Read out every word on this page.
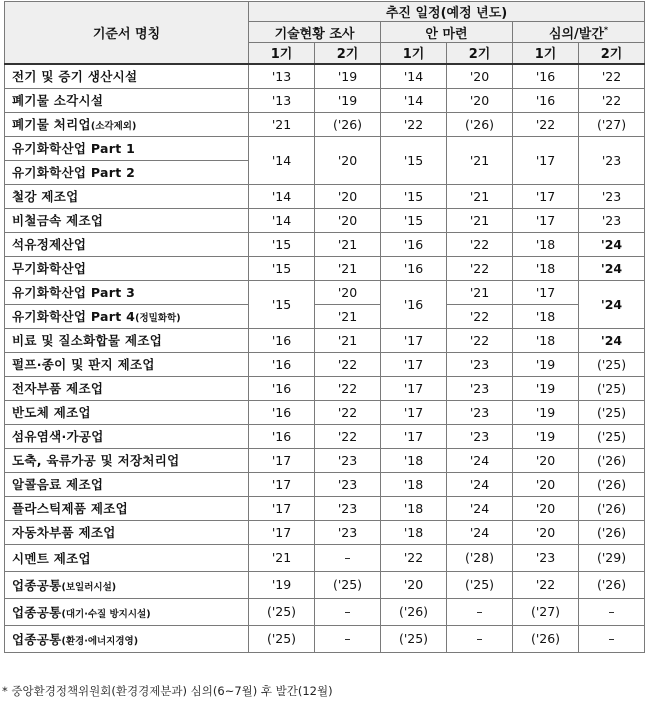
기준서 명칭	추진 일정(예정 년도)					
	기술현황 조사		안 마련		심의/발간*
	1기	2기	1기	2기	1기	2기
전기 및 증기 생산시설	'13	'19	'14	'20	'16	'22
폐기물 소각시설	'13	'19	'14	'20	'16	'22
폐기물 처리업(소각제외)	'21	('26)	'22	('26)	'22	('27)
유기화학산업 Part 1	'14	'20	'15	'21	'17	'23
유기화학산업 Part 2						
철강 제조업	'14	'20	'15	'21	'17	'23
비철금속 제조업	'14	'20	'15	'21	'17	'23
석유정제산업	'15	'21	'16	'22	'18	'24
무기화학산업	'15	'21	'16	'22	'18	'24
유기화학산업 Part 3	'15	'20	'16	'21	'17	'24
유기화학산업 Part 4(정밀화학)		'21		'22	'18	
비료 및 질소화합물 제조업	'16	'21	'17	'22	'18	'24
펄프·종이 및 판지 제조업	'16	'22	'17	'23	'19	('25)
전자부품 제조업	'16	'22	'17	'23	'19	('25)
반도체 제조업	'16	'22	'17	'23	'19	('25)
섬유염색·가공업	'16	'22	'17	'23	'19	('25)
도축, 육류가공 및 저장처리업	'17	'23	'18	'24	'20	('26)
알콜음료 제조업	'17	'23	'18	'24	'20	('26)
플라스틱제품 제조업	'17	'23	'18	'24	'20	('26)
자동차부품 제조업	'17	'23	'18	'24	'20	('26)
시멘트 제조업	'21	–	'22	('28)	'23	('29)
업종공통(보일러시설)	'19	('25)	'20	('25)	'22	('26)
업종공통(대기·수질 방지시설)	('25)	–	('26)	–	('27)	–
업종공통(환경·에너지경영)	('25)	–	('25)	–	('26)	–
* 중앙환경정책위원회(환경경제분과) 심의(6~7월) 후 발간(12월)
